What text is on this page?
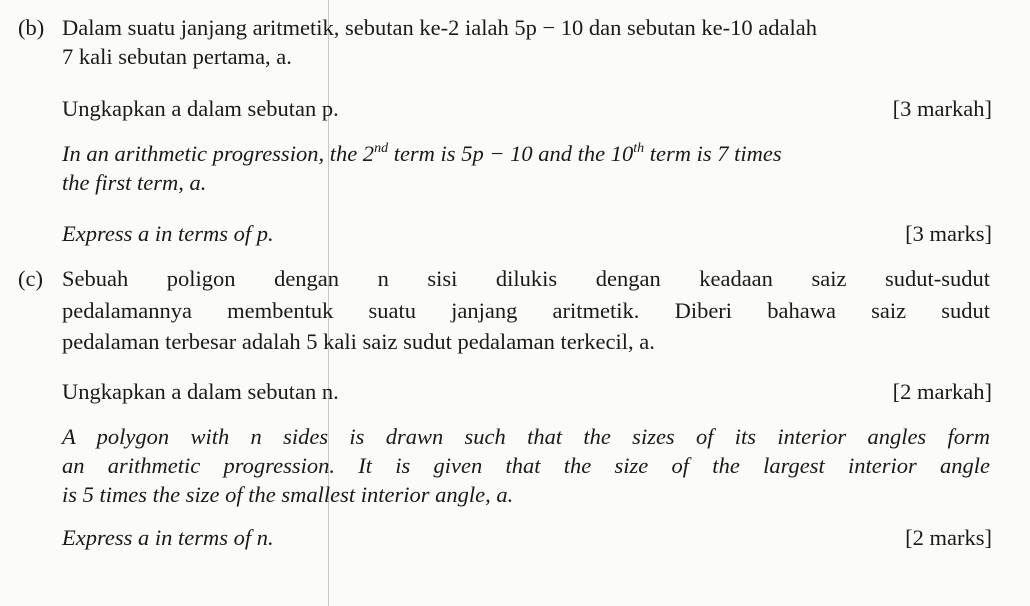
(b) Dalam suatu janjang aritmetik, sebutan ke-2 ialah 5p − 10 dan sebutan ke-10 adalah
7 kali sebutan pertama, a.
Ungkapkan a dalam sebutan p.	[3 markah]
In an arithmetic progression, the 2nd term is 5p − 10 and the 10th term is 7 times
the first term, a.
Express a in terms of p.	[3 marks]
(c) Sebuah poligon dengan n sisi dilukis dengan keadaan saiz sudut-sudut
pedalamannya membentuk suatu janjang aritmetik. Diberi bahawa saiz sudut
pedalaman terbesar adalah 5 kali saiz sudut pedalaman terkecil, a.
Ungkapkan a dalam sebutan n.	[2 markah]
A polygon with n sides is drawn such that the sizes of its interior angles form
an arithmetic progression. It is given that the size of the largest interior angle
is 5 times the size of the smallest interior angle, a.
Express a in terms of n.	[2 marks]
